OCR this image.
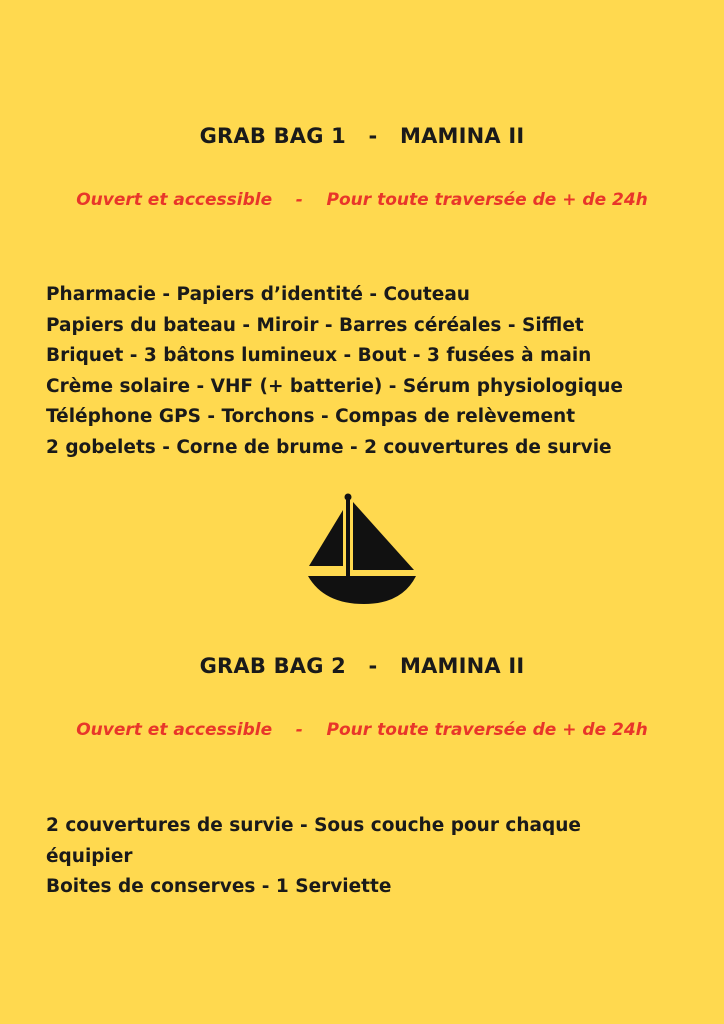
GRAB BAG 1   -   MAMINA II
Ouvert et accessible    -    Pour toute traversée de + de 24h
Pharmacie - Papiers d’identité - Couteau
Papiers du bateau - Miroir - Barres céréales - Sifflet
Briquet - 3 bâtons lumineux - Bout - 3 fusées à main
Crème solaire - VHF (+ batterie) - Sérum physiologique
Téléphone GPS - Torchons - Compas de relèvement
2 gobelets - Corne de brume - 2 couvertures de survie
GRAB BAG 2   -   MAMINA II
Ouvert et accessible    -    Pour toute traversée de + de 24h
2 couvertures de survie - Sous couche pour chaque équipier
Boites de conserves - 1 Serviette
